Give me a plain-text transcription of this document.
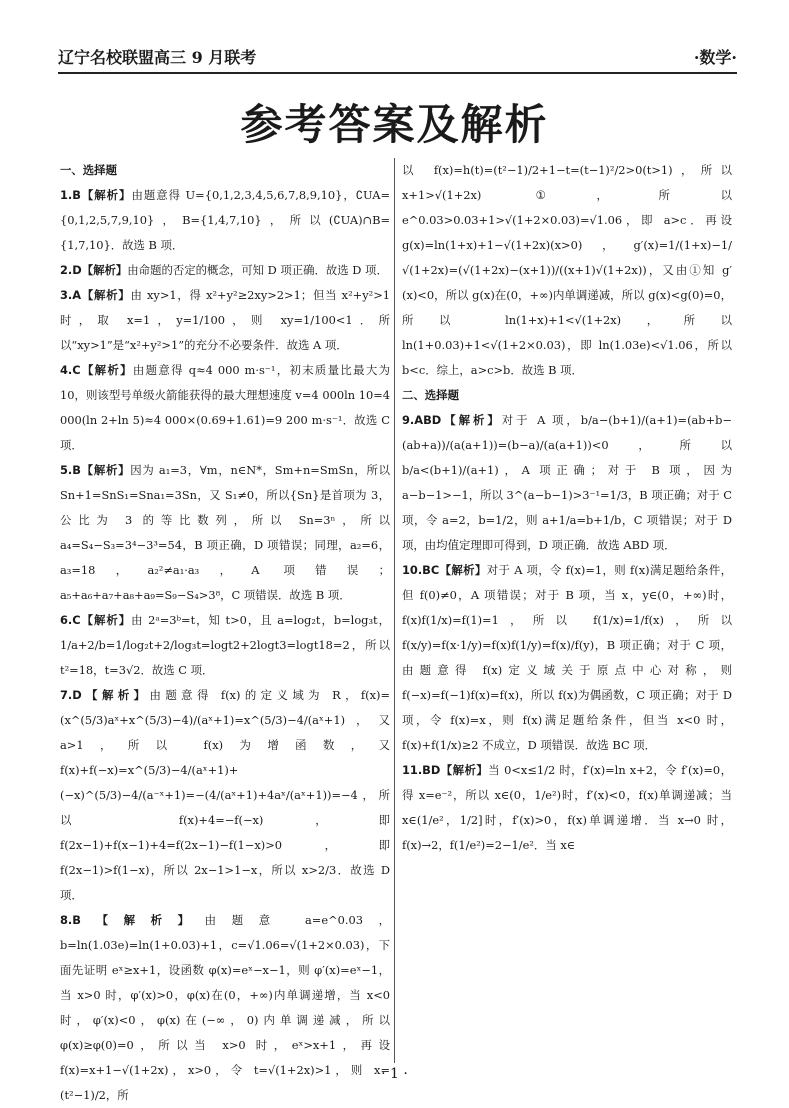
辽宁名校联盟高三 9 月联考	·数学·
参考答案及解析
一、选择题
1.B【解析】由题意得 U={0,1,2,3,4,5,6,7,8,9,10}，∁UA={0,1,2,5,7,9,10}，B={1,4,7,10}，所以(∁UA)∩B={1,7,10}．故选 B 项．
2.D【解析】由命题的否定的概念，可知 D 项正确．故选 D 项．
3.A【解析】由 xy>1，得 x²+y²≥2xy>2>1；但当 x²+y²>1 时，取 x=1，y=1/100，则 xy=1/100<1．所以“xy>1”是“x²+y²>1”的充分不必要条件．故选 A 项．
4.C【解析】由题意得 q≈4 000 m·s⁻¹，初末质量比最大为 10，则该型号单级火箭能获得的最大理想速度 v=4 000ln 10=4 000(ln 2+ln 5)≈4 000×(0.69+1.61)=9 200 m·s⁻¹．故选 C 项．
5.B【解析】因为 a₁=3，∀m，n∈N*，Sm+n=SmSn，所以 Sn+1=SnS₁=Sna₁=3Sn，又 S₁≠0，所以{Sn}是首项为 3，公比为 3 的等比数列，所以 Sn=3ⁿ，所以 a₄=S₄−S₃=3⁴−3³=54，B 项正确，D 项错误；同理，a₂=6，a₃=18，a₂²≠a₁·a₃，A 项错误；a₅+a₆+a₇+a₈+a₉=S₉−S₄>3⁸，C 项错误．故选 B 项．
6.C【解析】由 2ᵃ=3ᵇ=t，知 t>0，且 a=log₂t，b=log₃t，1/a+2/b=1/log₂t+2/log₃t=logt2+2logt3=logt18=2，所以 t²=18，t=3√2．故选 C 项．
7.D【解析】由题意得 f(x)的定义域为 R，f(x)=(x^(5/3)aˣ+x^(5/3)−4)/(aˣ+1)=x^(5/3)−4/(aˣ+1)，又 a>1，所以 f(x)为增函数，又 f(x)+f(−x)=x^(5/3)−4/(aˣ+1)+(−x)^(5/3)−4/(a⁻ˣ+1)=−(4/(aˣ+1)+4aˣ/(aˣ+1))=−4，所以 f(x)+4=−f(−x)，即 f(2x−1)+f(x−1)+4=f(2x−1)−f(1−x)>0，即 f(2x−1)>f(1−x)，所以 2x−1>1−x，所以 x>2/3．故选 D 项．
8.B【解析】由题意 a=e^0.03，b=ln(1.03e)=ln(1+0.03)+1，c=√1.06=√(1+2×0.03)，下面先证明 eˣ≥x+1，设函数 φ(x)=eˣ−x−1，则 φ′(x)=eˣ−1，当 x>0 时，φ′(x)>0，φ(x)在(0，+∞)内单调递增，当 x<0 时，φ′(x)<0，φ(x)在(−∞，0)内单调递减，所以 φ(x)≥φ(0)=0，所以当 x>0 时，eˣ>x+1，再设 f(x)=x+1−√(1+2x)，x>0，令 t=√(1+2x)>1，则 x=(t²−1)/2，所
以 f(x)=h(t)=(t²−1)/2+1−t=(t−1)²/2>0(t>1)，所以 x+1>√(1+2x) ①，所以 e^0.03>0.03+1>√(1+2×0.03)=√1.06，即 a>c．再设 g(x)=ln(1+x)+1−√(1+2x)(x>0)，g′(x)=1/(1+x)−1/√(1+2x)=(√(1+2x)−(x+1))/((x+1)√(1+2x))，又由①知 g′(x)<0，所以 g(x)在(0，+∞)内单调递减，所以 g(x)<g(0)=0，所以 ln(1+x)+1<√(1+2x)，所以 ln(1+0.03)+1<√(1+2×0.03)，即 ln(1.03e)<√1.06，所以 b<c．综上，a>c>b．故选 B 项．
二、选择题
9.ABD【解析】对于 A 项，b/a−(b+1)/(a+1)=(ab+b−(ab+a))/(a(a+1))=(b−a)/(a(a+1))<0，所以 b/a<(b+1)/(a+1)，A 项正确；对于 B 项，因为 a−b−1>−1，所以 3^(a−b−1)>3⁻¹=1/3，B 项正确；对于 C 项，令 a=2，b=1/2，则 a+1/a=b+1/b，C 项错误；对于 D 项，由均值定理即可得到，D 项正确．故选 ABD 项．
10.BC【解析】对于 A 项，令 f(x)=1，则 f(x)满足题给条件，但 f(0)≠0，A 项错误；对于 B 项，当 x，y∈(0，+∞)时，f(x)f(1/x)=f(1)=1，所以 f(1/x)=1/f(x)，所以 f(x/y)=f(x·1/y)=f(x)f(1/y)=f(x)/f(y)，B 项正确；对于 C 项，由题意得 f(x)定义域关于原点中心对称，则 f(−x)=f(−1)f(x)=f(x)，所以 f(x)为偶函数，C 项正确；对于 D 项，令 f(x)=x，则 f(x)满足题给条件，但当 x<0 时，f(x)+f(1/x)≥2 不成立，D 项错误．故选 BC 项．
11.BD【解析】当 0<x≤1/2 时，f′(x)=ln x+2，令 f′(x)=0，得 x=e⁻²，所以 x∈(0，1/e²)时，f′(x)<0，f(x)单调递减；当 x∈(1/e²，1/2]时，f′(x)>0，f(x)单调递增．当 x→0 时，f(x)→2，f(1/e²)=2−1/e²．当 x∈
· 1 ·
